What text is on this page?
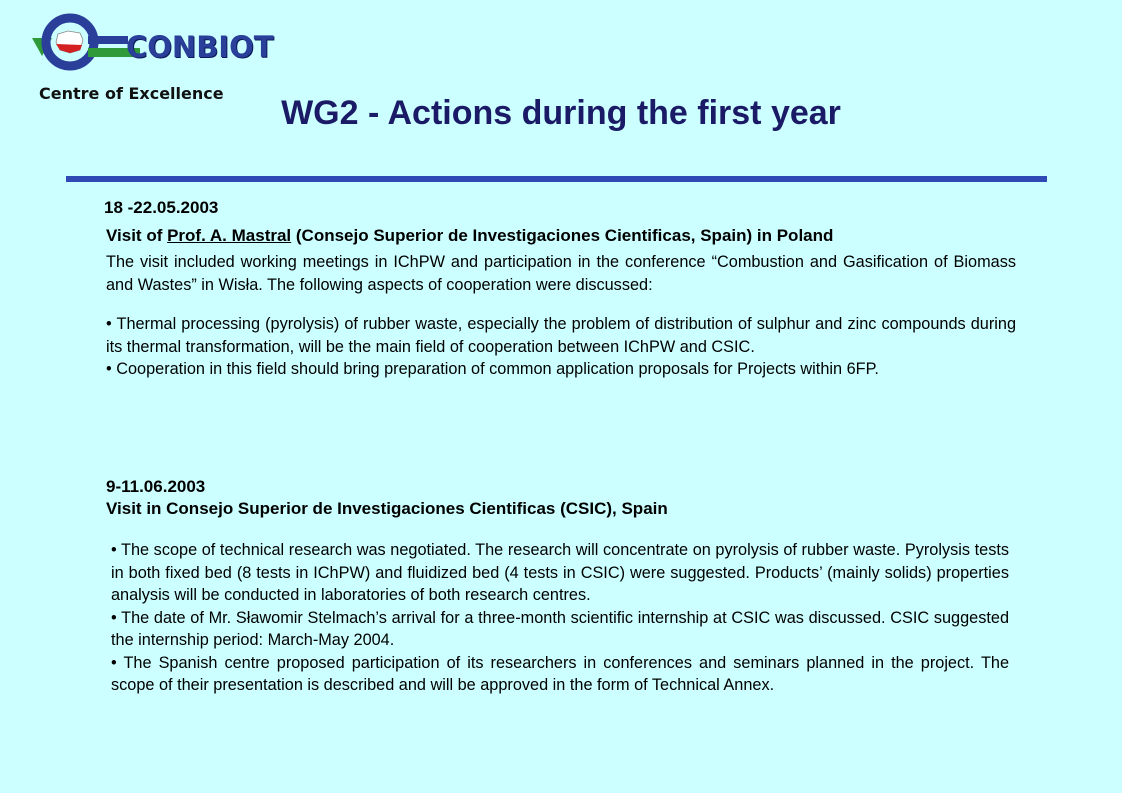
CONBIOT
Centre of Excellence
WG2 - Actions during the first year
18 -22.05.2003
Visit of Prof. A. Mastral (Consejo Superior de Investigaciones Cientificas, Spain) in Poland

The visit included working meetings in IChPW and participation in the conference “Combustion and Gasification of Biomass and Wastes” in Wisła. The following aspects of cooperation were discussed:

• Thermal processing (pyrolysis) of rubber waste, especially the problem of distribution of sulphur and zinc compounds during its thermal transformation, will be the main field of cooperation between IChPW and CSIC.

• Cooperation in this field should bring preparation of common application proposals for Projects within 6FP.

9-11.06.2003
Visit in Consejo Superior de Investigaciones Cientificas (CSIC), Spain

• The scope of technical research was negotiated. The research will concentrate on pyrolysis of rubber waste. Pyrolysis tests in both fixed bed (8 tests in IChPW) and fluidized bed (4 tests in CSIC) were suggested. Products’ (mainly solids) properties analysis will be conducted in laboratories of both research centres.

• The date of Mr. Sławomir Stelmach’s arrival for a three-month scientific internship at CSIC was discussed. CSIC suggested the internship period: March-May 2004.

• The Spanish centre proposed participation of its researchers in conferences and seminars planned in the project. The scope of their presentation is described and will be approved in the form of Technical Annex.
